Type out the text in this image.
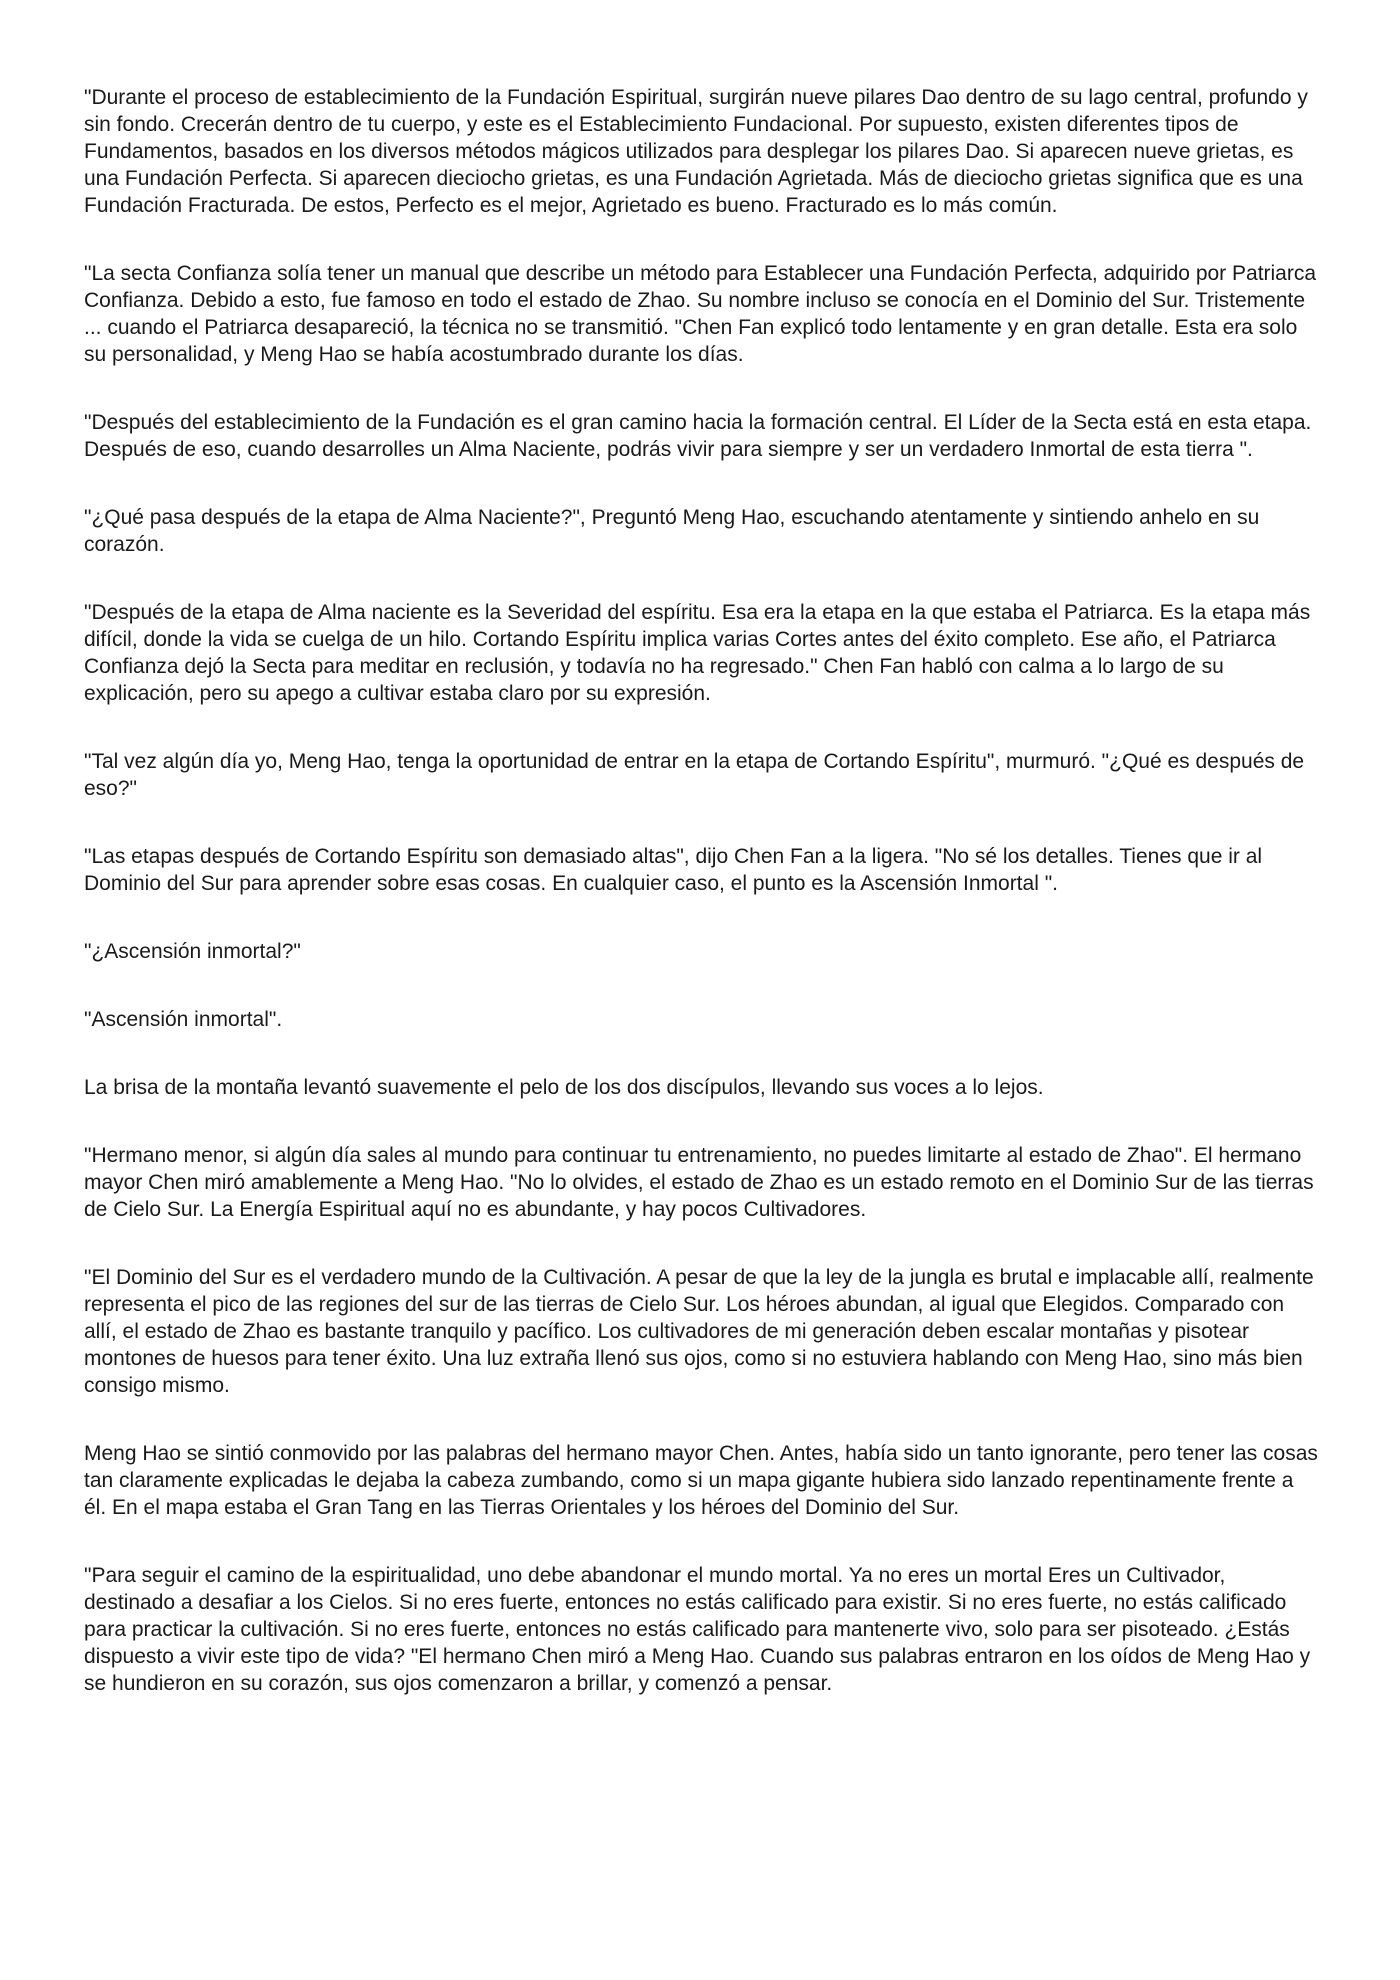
"Durante el proceso de establecimiento de la Fundación Espiritual, surgirán nueve pilares Dao dentro de su lago central, profundo y sin fondo. Crecerán dentro de tu cuerpo, y este es el Establecimiento Fundacional. Por supuesto, existen diferentes tipos de Fundamentos, basados en los diversos métodos mágicos utilizados para desplegar los pilares Dao. Si aparecen nueve grietas, es una Fundación Perfecta. Si aparecen dieciocho grietas, es una Fundación Agrietada. Más de dieciocho grietas significa que es una Fundación Fracturada. De estos, Perfecto es el mejor, Agrietado es bueno. Fracturado es lo más común.

"La secta Confianza solía tener un manual que describe un método para Establecer una Fundación Perfecta, adquirido por Patriarca Confianza. Debido a esto, fue famoso en todo el estado de Zhao. Su nombre incluso se conocía en el Dominio del Sur. Tristemente ... cuando el Patriarca desapareció, la técnica no se transmitió. "Chen Fan explicó todo lentamente y en gran detalle. Esta era solo su personalidad, y Meng Hao se había acostumbrado durante los días.

"Después del establecimiento de la Fundación es el gran camino hacia la formación central. El Líder de la Secta está en esta etapa. Después de eso, cuando desarrolles un Alma Naciente, podrás vivir para siempre y ser un verdadero Inmortal de esta tierra ".

"¿Qué pasa después de la etapa de Alma Naciente?", Preguntó Meng Hao, escuchando atentamente y sintiendo anhelo en su corazón.

"Después de la etapa de Alma naciente es la Severidad del espíritu. Esa era la etapa en la que estaba el Patriarca. Es la etapa más difícil, donde la vida se cuelga de un hilo. Cortando Espíritu implica varias Cortes antes del éxito completo. Ese año, el Patriarca Confianza dejó la Secta para meditar en reclusión, y todavía no ha regresado." Chen Fan habló con calma a lo largo de su explicación, pero su apego a cultivar estaba claro por su expresión.

"Tal vez algún día yo, Meng Hao, tenga la oportunidad de entrar en la etapa de Cortando Espíritu", murmuró. "¿Qué es después de eso?"

"Las etapas después de Cortando Espíritu son demasiado altas", dijo Chen Fan a la ligera. "No sé los detalles. Tienes que ir al Dominio del Sur para aprender sobre esas cosas. En cualquier caso, el punto es la Ascensión Inmortal ".

"¿Ascensión inmortal?"

"Ascensión inmortal".

La brisa de la montaña levantó suavemente el pelo de los dos discípulos, llevando sus voces a lo lejos.

"Hermano menor, si algún día sales al mundo para continuar tu entrenamiento, no puedes limitarte al estado de Zhao". El hermano mayor Chen miró amablemente a Meng Hao. "No lo olvides, el estado de Zhao es un estado remoto en el Dominio Sur de las tierras de Cielo Sur. La Energía Espiritual aquí no es abundante, y hay pocos Cultivadores.

"El Dominio del Sur es el verdadero mundo de la Cultivación. A pesar de que la ley de la jungla es brutal e implacable allí, realmente representa el pico de las regiones del sur de las tierras de Cielo Sur. Los héroes abundan, al igual que Elegidos. Comparado con allí, el estado de Zhao es bastante tranquilo y pacífico. Los cultivadores de mi generación deben escalar montañas y pisotear montones de huesos para tener éxito. Una luz extraña llenó sus ojos, como si no estuviera hablando con Meng Hao, sino más bien consigo mismo.

Meng Hao se sintió conmovido por las palabras del hermano mayor Chen. Antes, había sido un tanto ignorante, pero tener las cosas tan claramente explicadas le dejaba la cabeza zumbando, como si un mapa gigante hubiera sido lanzado repentinamente frente a él. En el mapa estaba el Gran Tang en las Tierras Orientales y los héroes del Dominio del Sur.

"Para seguir el camino de la espiritualidad, uno debe abandonar el mundo mortal. Ya no eres un mortal Eres un Cultivador, destinado a desafiar a los Cielos. Si no eres fuerte, entonces no estás calificado para existir. Si no eres fuerte, no estás calificado para practicar la cultivación. Si no eres fuerte, entonces no estás calificado para mantenerte vivo, solo para ser pisoteado. ¿Estás dispuesto a vivir este tipo de vida? "El hermano Chen miró a Meng Hao. Cuando sus palabras entraron en los oídos de Meng Hao y se hundieron en su corazón, sus ojos comenzaron a brillar, y comenzó a pensar.
